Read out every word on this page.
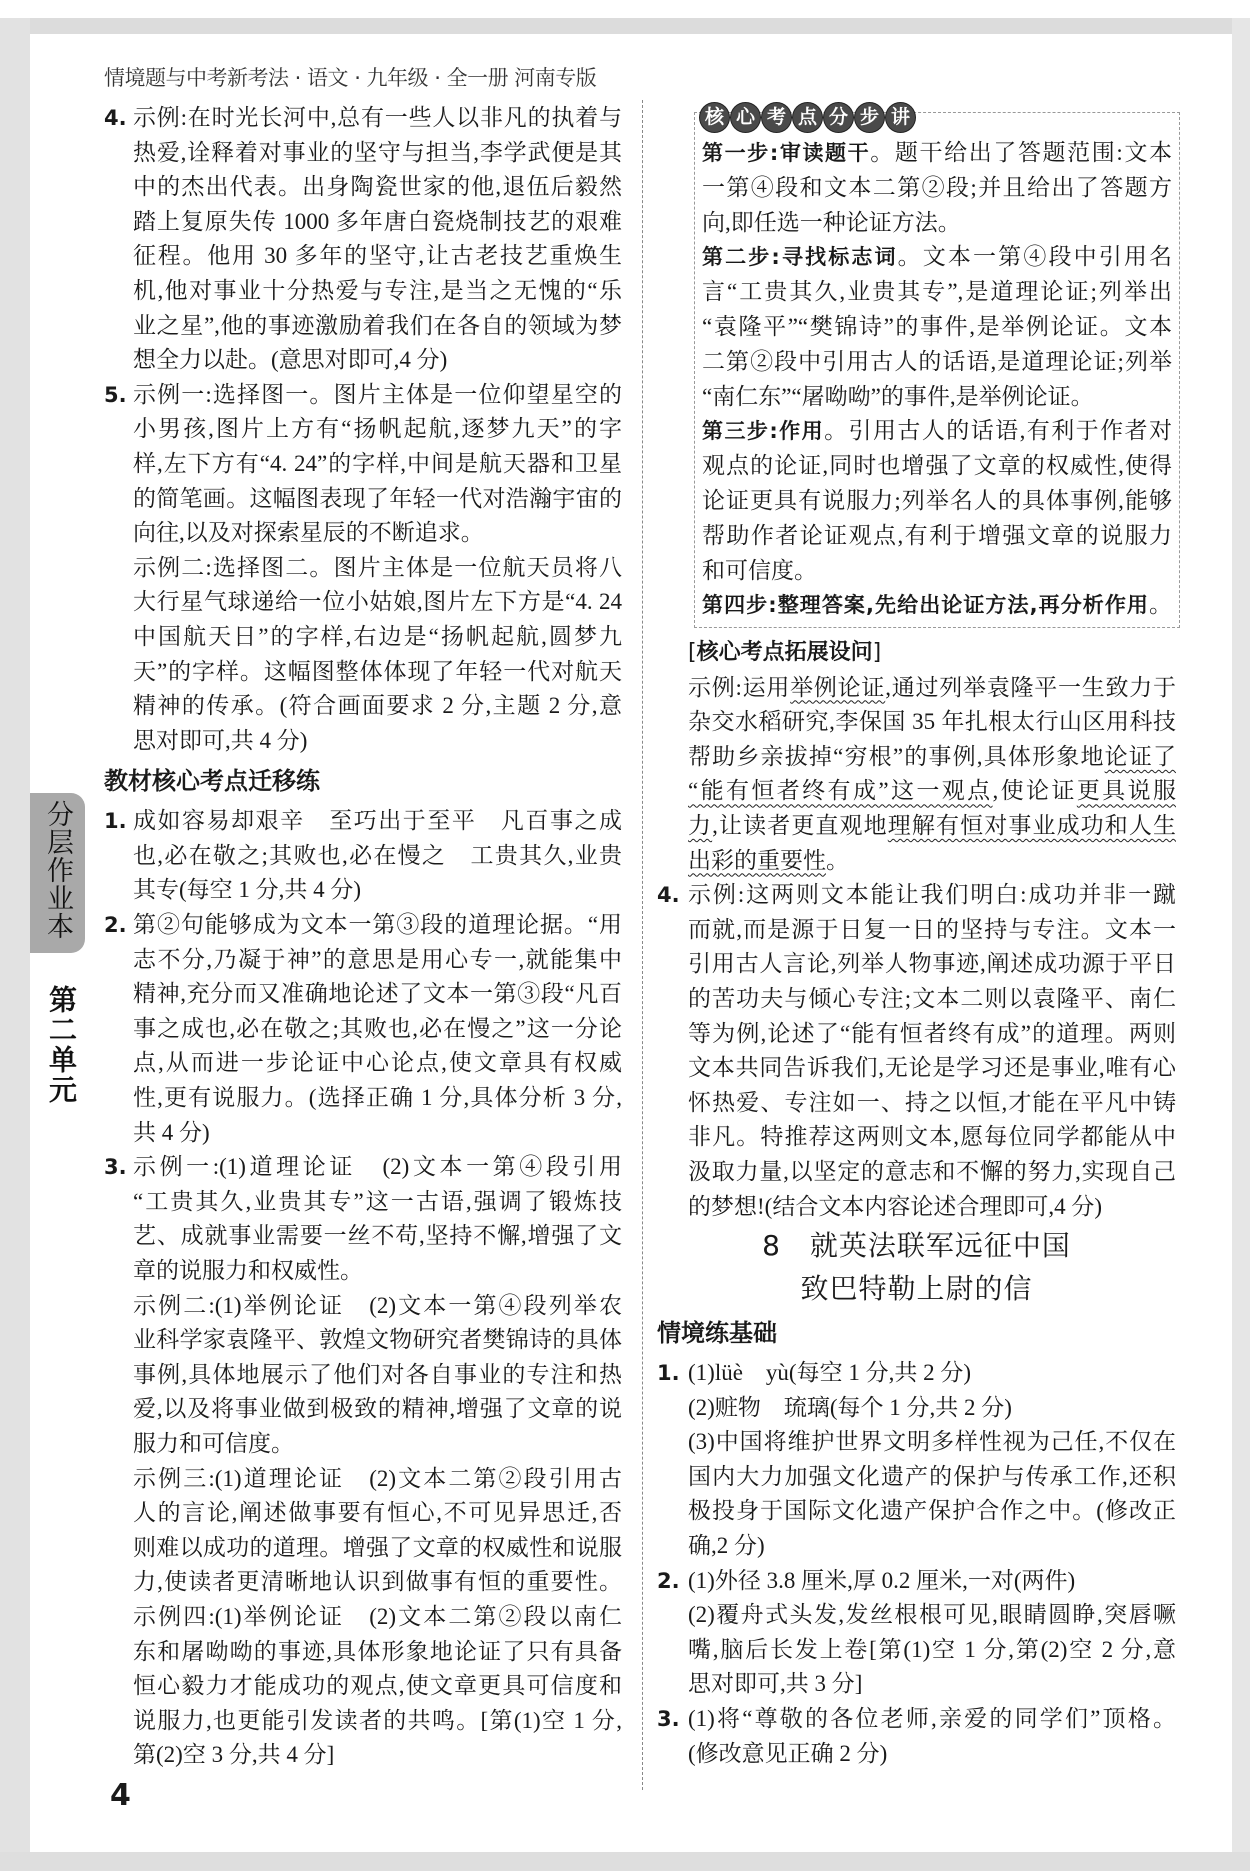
情境题与中考新考法 · 语文 · 九年级 · 全一册 河南专版
分层作业本
第二单元
4. 示例:在时光长河中,总有一些人以非凡的执着与
热爱,诠释着对事业的坚守与担当,李学武便是其
中的杰出代表。出身陶瓷世家的他,退伍后毅然
踏上复原失传 1000 多年唐白瓷烧制技艺的艰难
征程。他用 30 多年的坚守,让古老技艺重焕生
机,他对事业十分热爱与专注,是当之无愧的“乐
业之星”,他的事迹激励着我们在各自的领域为梦
想全力以赴。(意思对即可,4 分)
5. 示例一:选择图一。图片主体是一位仰望星空的
小男孩,图片上方有“扬帆起航,逐梦九天”的字
样,左下方有“4. 24”的字样,中间是航天器和卫星
的简笔画。这幅图表现了年轻一代对浩瀚宇宙的
向往,以及对探索星辰的不断追求。
示例二:选择图二。图片主体是一位航天员将八
大行星气球递给一位小姑娘,图片左下方是“4. 24
中国航天日”的字样,右边是“扬帆起航,圆梦九
天”的字样。这幅图整体体现了年轻一代对航天
精神的传承。(符合画面要求 2 分,主题 2 分,意
思对即可,共 4 分)
教材核心考点迁移练
1. 成如容易却艰辛　至巧出于至平　凡百事之成
也,必在敬之;其败也,必在慢之　工贵其久,业贵
其专(每空 1 分,共 4 分)
2. 第②句能够成为文本一第③段的道理论据。“用
志不分,乃凝于神”的意思是用心专一,就能集中
精神,充分而又准确地论述了文本一第③段“凡百
事之成也,必在敬之;其败也,必在慢之”这一分论
点,从而进一步论证中心论点,使文章具有权威
性,更有说服力。(选择正确 1 分,具体分析 3 分,
共 4 分)
3. 示例一:(1)道理论证　(2)文本一第④段引用
“工贵其久,业贵其专”这一古语,强调了锻炼技
艺、成就事业需要一丝不苟,坚持不懈,增强了文
章的说服力和权威性。
示例二:(1)举例论证　(2)文本一第④段列举农
业科学家袁隆平、敦煌文物研究者樊锦诗的具体
事例,具体地展示了他们对各自事业的专注和热
爱,以及将事业做到极致的精神,增强了文章的说
服力和可信度。
示例三:(1)道理论证　(2)文本二第②段引用古
人的言论,阐述做事要有恒心,不可见异思迁,否
则难以成功的道理。增强了文章的权威性和说服
力,使读者更清晰地认识到做事有恒的重要性。
示例四:(1)举例论证　(2)文本二第②段以南仁
东和屠呦呦的事迹,具体形象地论证了只有具备
恒心毅力才能成功的观点,使文章更具可信度和
说服力,也更能引发读者的共鸣。[第(1)空 1 分,
第(2)空 3 分,共 4 分]
核 心 考 点 分 步 讲
第一步:审读题干。题干给出了答题范围:文本
一第④段和文本二第②段;并且给出了答题方
向,即任选一种论证方法。
第二步:寻找标志词。文本一第④段中引用名
言“工贵其久,业贵其专”,是道理论证;列举出
“袁隆平”“樊锦诗”的事件,是举例论证。文本
二第②段中引用古人的话语,是道理论证;列举
“南仁东”“屠呦呦”的事件,是举例论证。
第三步:作用。引用古人的话语,有利于作者对
观点的论证,同时也增强了文章的权威性,使得
论证更具有说服力;列举名人的具体事例,能够
帮助作者论证观点,有利于增强文章的说服力
和可信度。
第四步:整理答案,先给出论证方法,再分析作用。
[核心考点拓展设问]
示例:运用举例论证,通过列举袁隆平一生致力于
杂交水稻研究,李保国 35 年扎根太行山区用科技
帮助乡亲拔掉“穷根”的事例,具体形象地论证了
“能有恒者终有成”这一观点,使论证更具说服
力,让读者更直观地理解有恒对事业成功和人生
出彩的重要性。
4. 示例:这两则文本能让我们明白:成功并非一蹴
而就,而是源于日复一日的坚持与专注。文本一
引用古人言论,列举人物事迹,阐述成功源于平日
的苦功夫与倾心专注;文本二则以袁隆平、南仁
等为例,论述了“能有恒者终有成”的道理。两则
文本共同告诉我们,无论是学习还是事业,唯有心
怀热爱、专注如一、持之以恒,才能在平凡中铸
非凡。特推荐这两则文本,愿每位同学都能从中
汲取力量,以坚定的意志和不懈的努力,实现自己
的梦想!(结合文本内容论述合理即可,4 分)
8　就英法联军远征中国
致巴特勒上尉的信
情境练基础
1. (1)lüè　yù(每空 1 分,共 2 分)
(2)赃物　琉璃(每个 1 分,共 2 分)
(3)中国将维护世界文明多样性视为己任,不仅在
国内大力加强文化遗产的保护与传承工作,还积
极投身于国际文化遗产保护合作之中。(修改正
确,2 分)
2. (1)外径 3.8 厘米,厚 0.2 厘米,一对(两件)
(2)覆舟式头发,发丝根根可见,眼睛圆睁,突唇噘
嘴,脑后长发上卷[第(1)空 1 分,第(2)空 2 分,意
思对即可,共 3 分]
3. (1)将“尊敬的各位老师,亲爱的同学们”顶格。
(修改意见正确 2 分)
4
